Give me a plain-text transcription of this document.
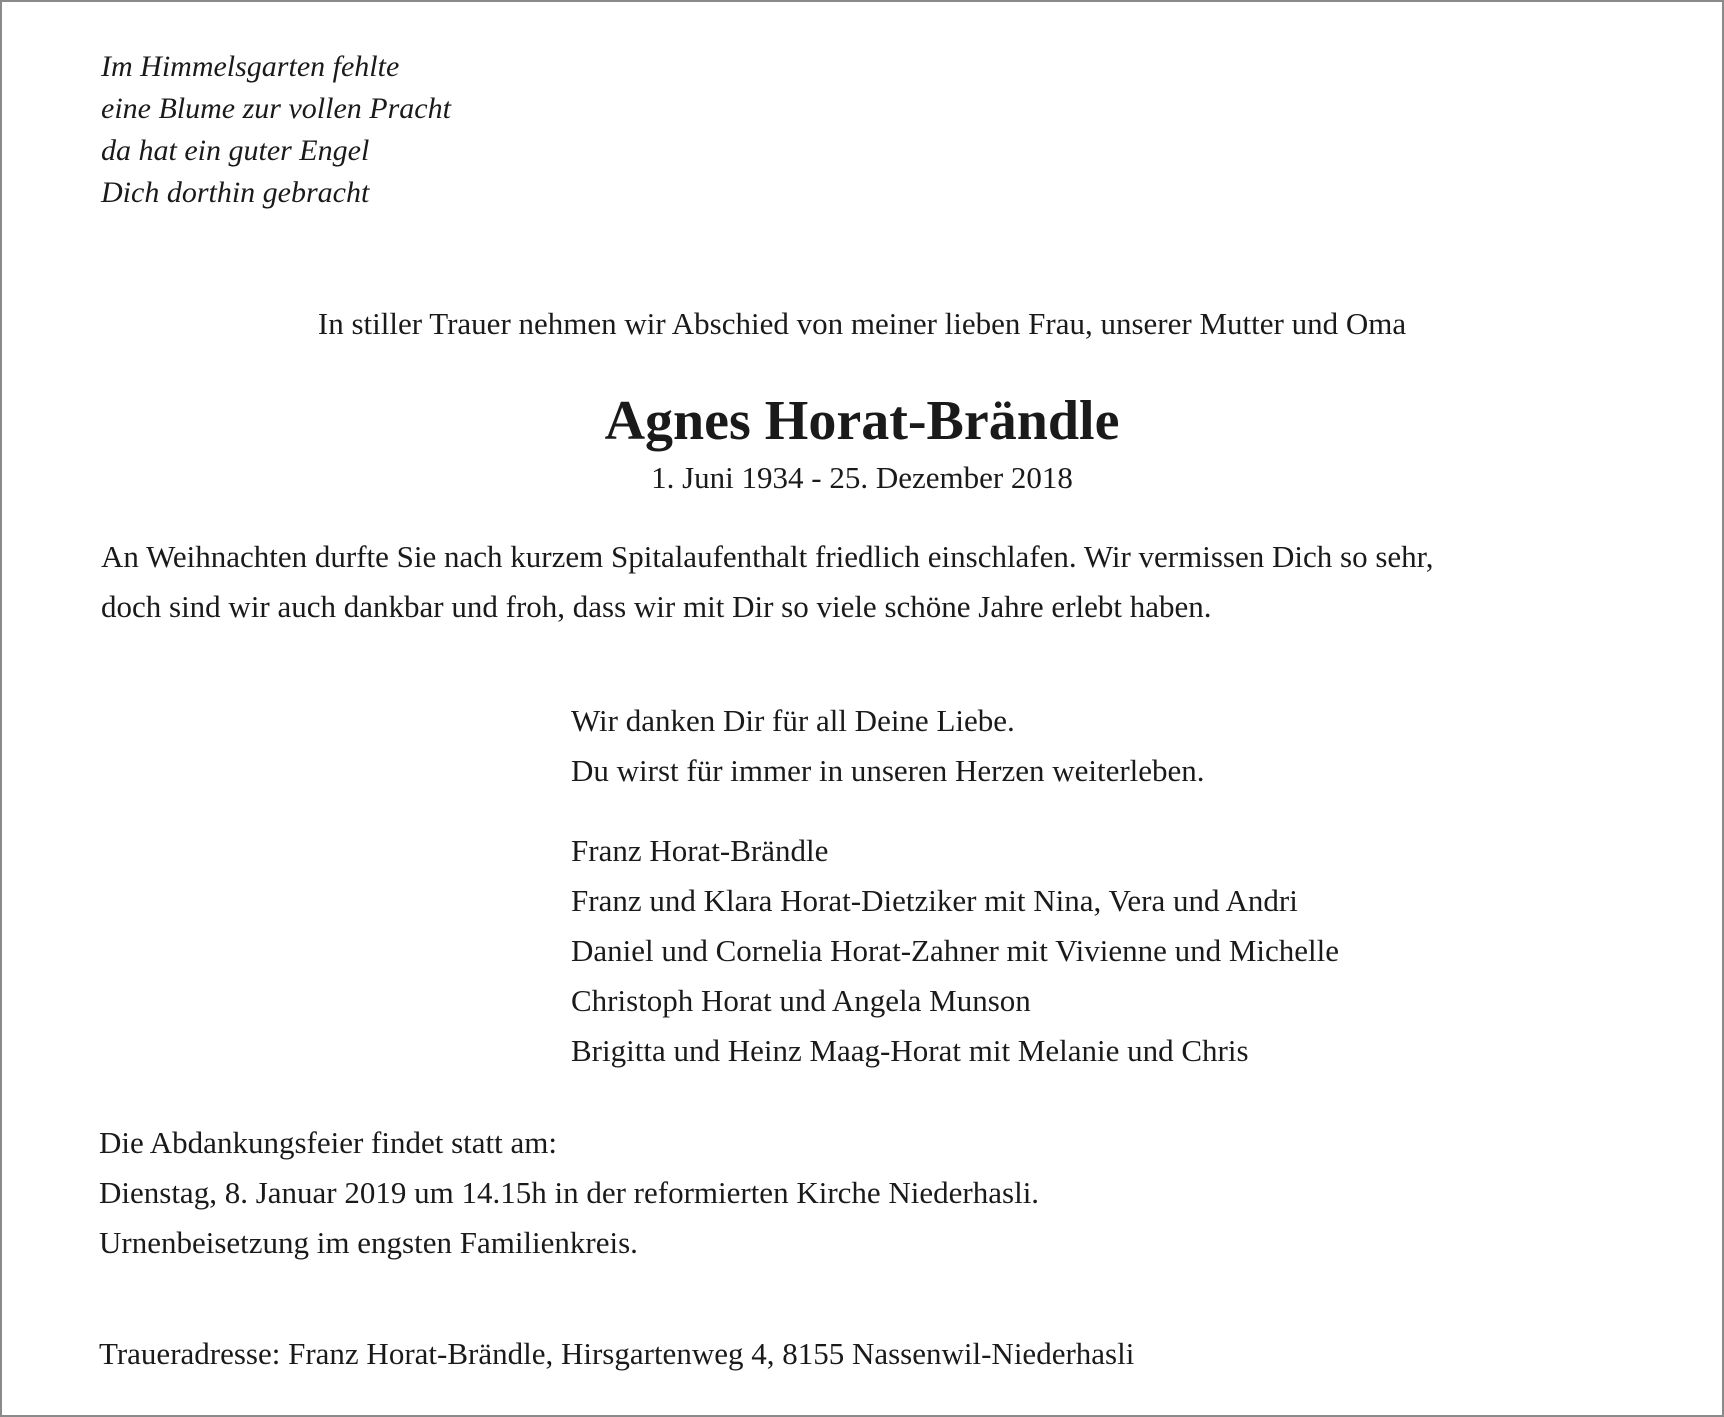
Im Himmelsgarten fehlte
eine Blume zur vollen Pracht
da hat ein guter Engel
Dich dorthin gebracht

In stiller Trauer nehmen wir Abschied von meiner lieben Frau, unserer Mutter und Oma

Agnes Horat-Brändle

1. Juni 1934 - 25. Dezember 2018

An Weihnachten durfte Sie nach kurzem Spitalaufenthalt friedlich einschlafen. Wir vermissen Dich so sehr,
doch sind wir auch dankbar und froh, dass wir mit Dir so viele schöne Jahre erlebt haben.
Wir danken Dir für all Deine Liebe.
Du wirst für immer in unseren Herzen weiterleben.
Franz Horat-Brändle
Franz und Klara Horat-Dietziker mit Nina, Vera und Andri
Daniel und Cornelia Horat-Zahner mit Vivienne und Michelle
Christoph Horat und Angela Munson
Brigitta und Heinz Maag-Horat mit Melanie und Chris
Die Abdankungsfeier findet statt am:
Dienstag, 8. Januar 2019 um 14.15h in der reformierten Kirche Niederhasli.
Urnenbeisetzung im engsten Familienkreis.

Traueradresse: Franz Horat-Brändle, Hirsgartenweg 4, 8155 Nassenwil-Niederhasli
